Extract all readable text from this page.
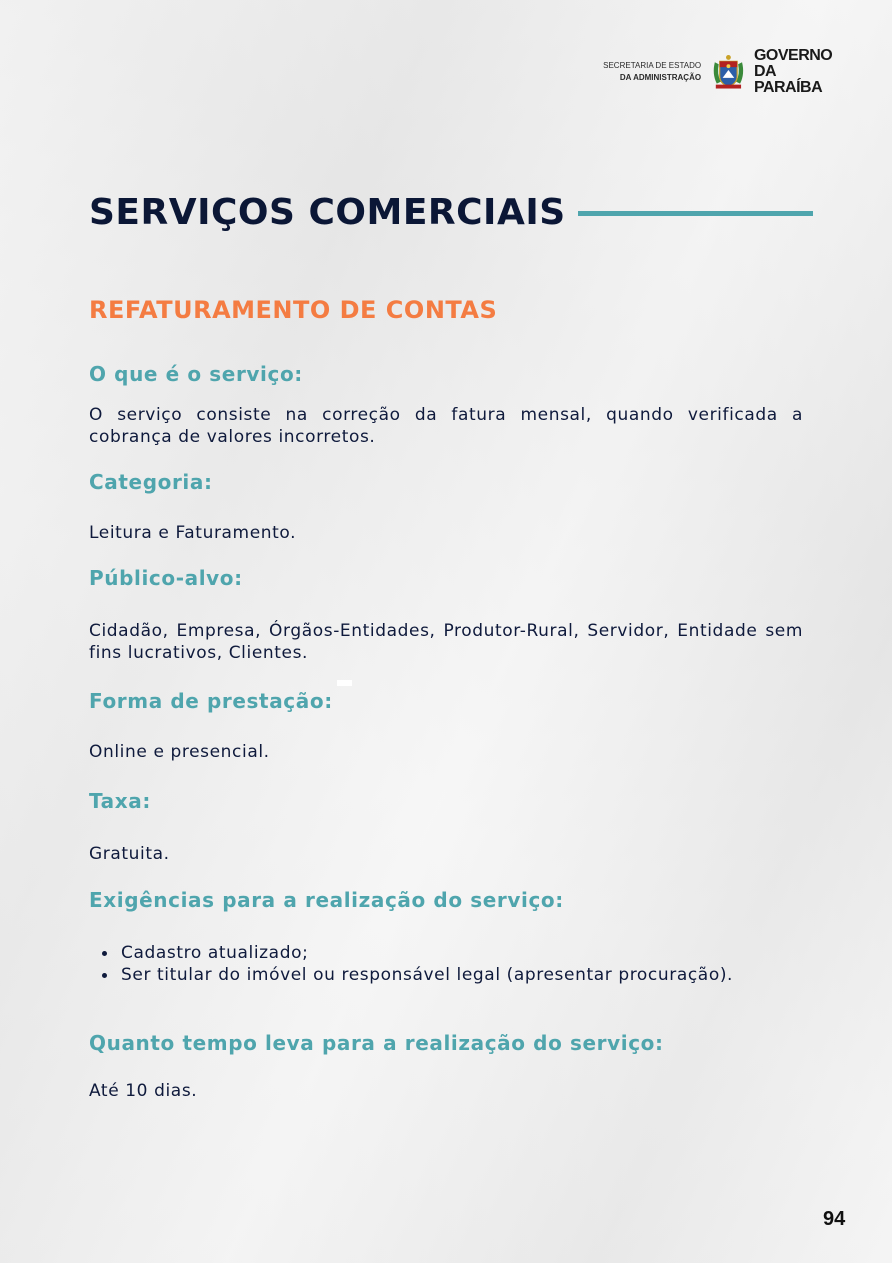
SECRETARIA DE ESTADO
DA ADMINISTRAÇÃO
GOVERNO
DA PARAÍBA
SERVIÇOS COMERCIAIS
REFATURAMENTO DE CONTAS
O que é o serviço:

O serviço consiste na correção da fatura mensal, quando verificada a cobrança de valores incorretos.

Categoria:

Leitura e Faturamento.

Público-alvo:

Cidadão, Empresa, Órgãos-Entidades, Produtor-Rural, Servidor, Entidade sem fins lucrativos, Clientes.

Forma de prestação:

Online e presencial.

Taxa:

Gratuita.

Exigências para a realização do serviço:
Cadastro atualizado;
Ser titular do imóvel ou responsável legal (apresentar procuração).
Quanto tempo leva para a realização do serviço:

Até 10 dias.

94
